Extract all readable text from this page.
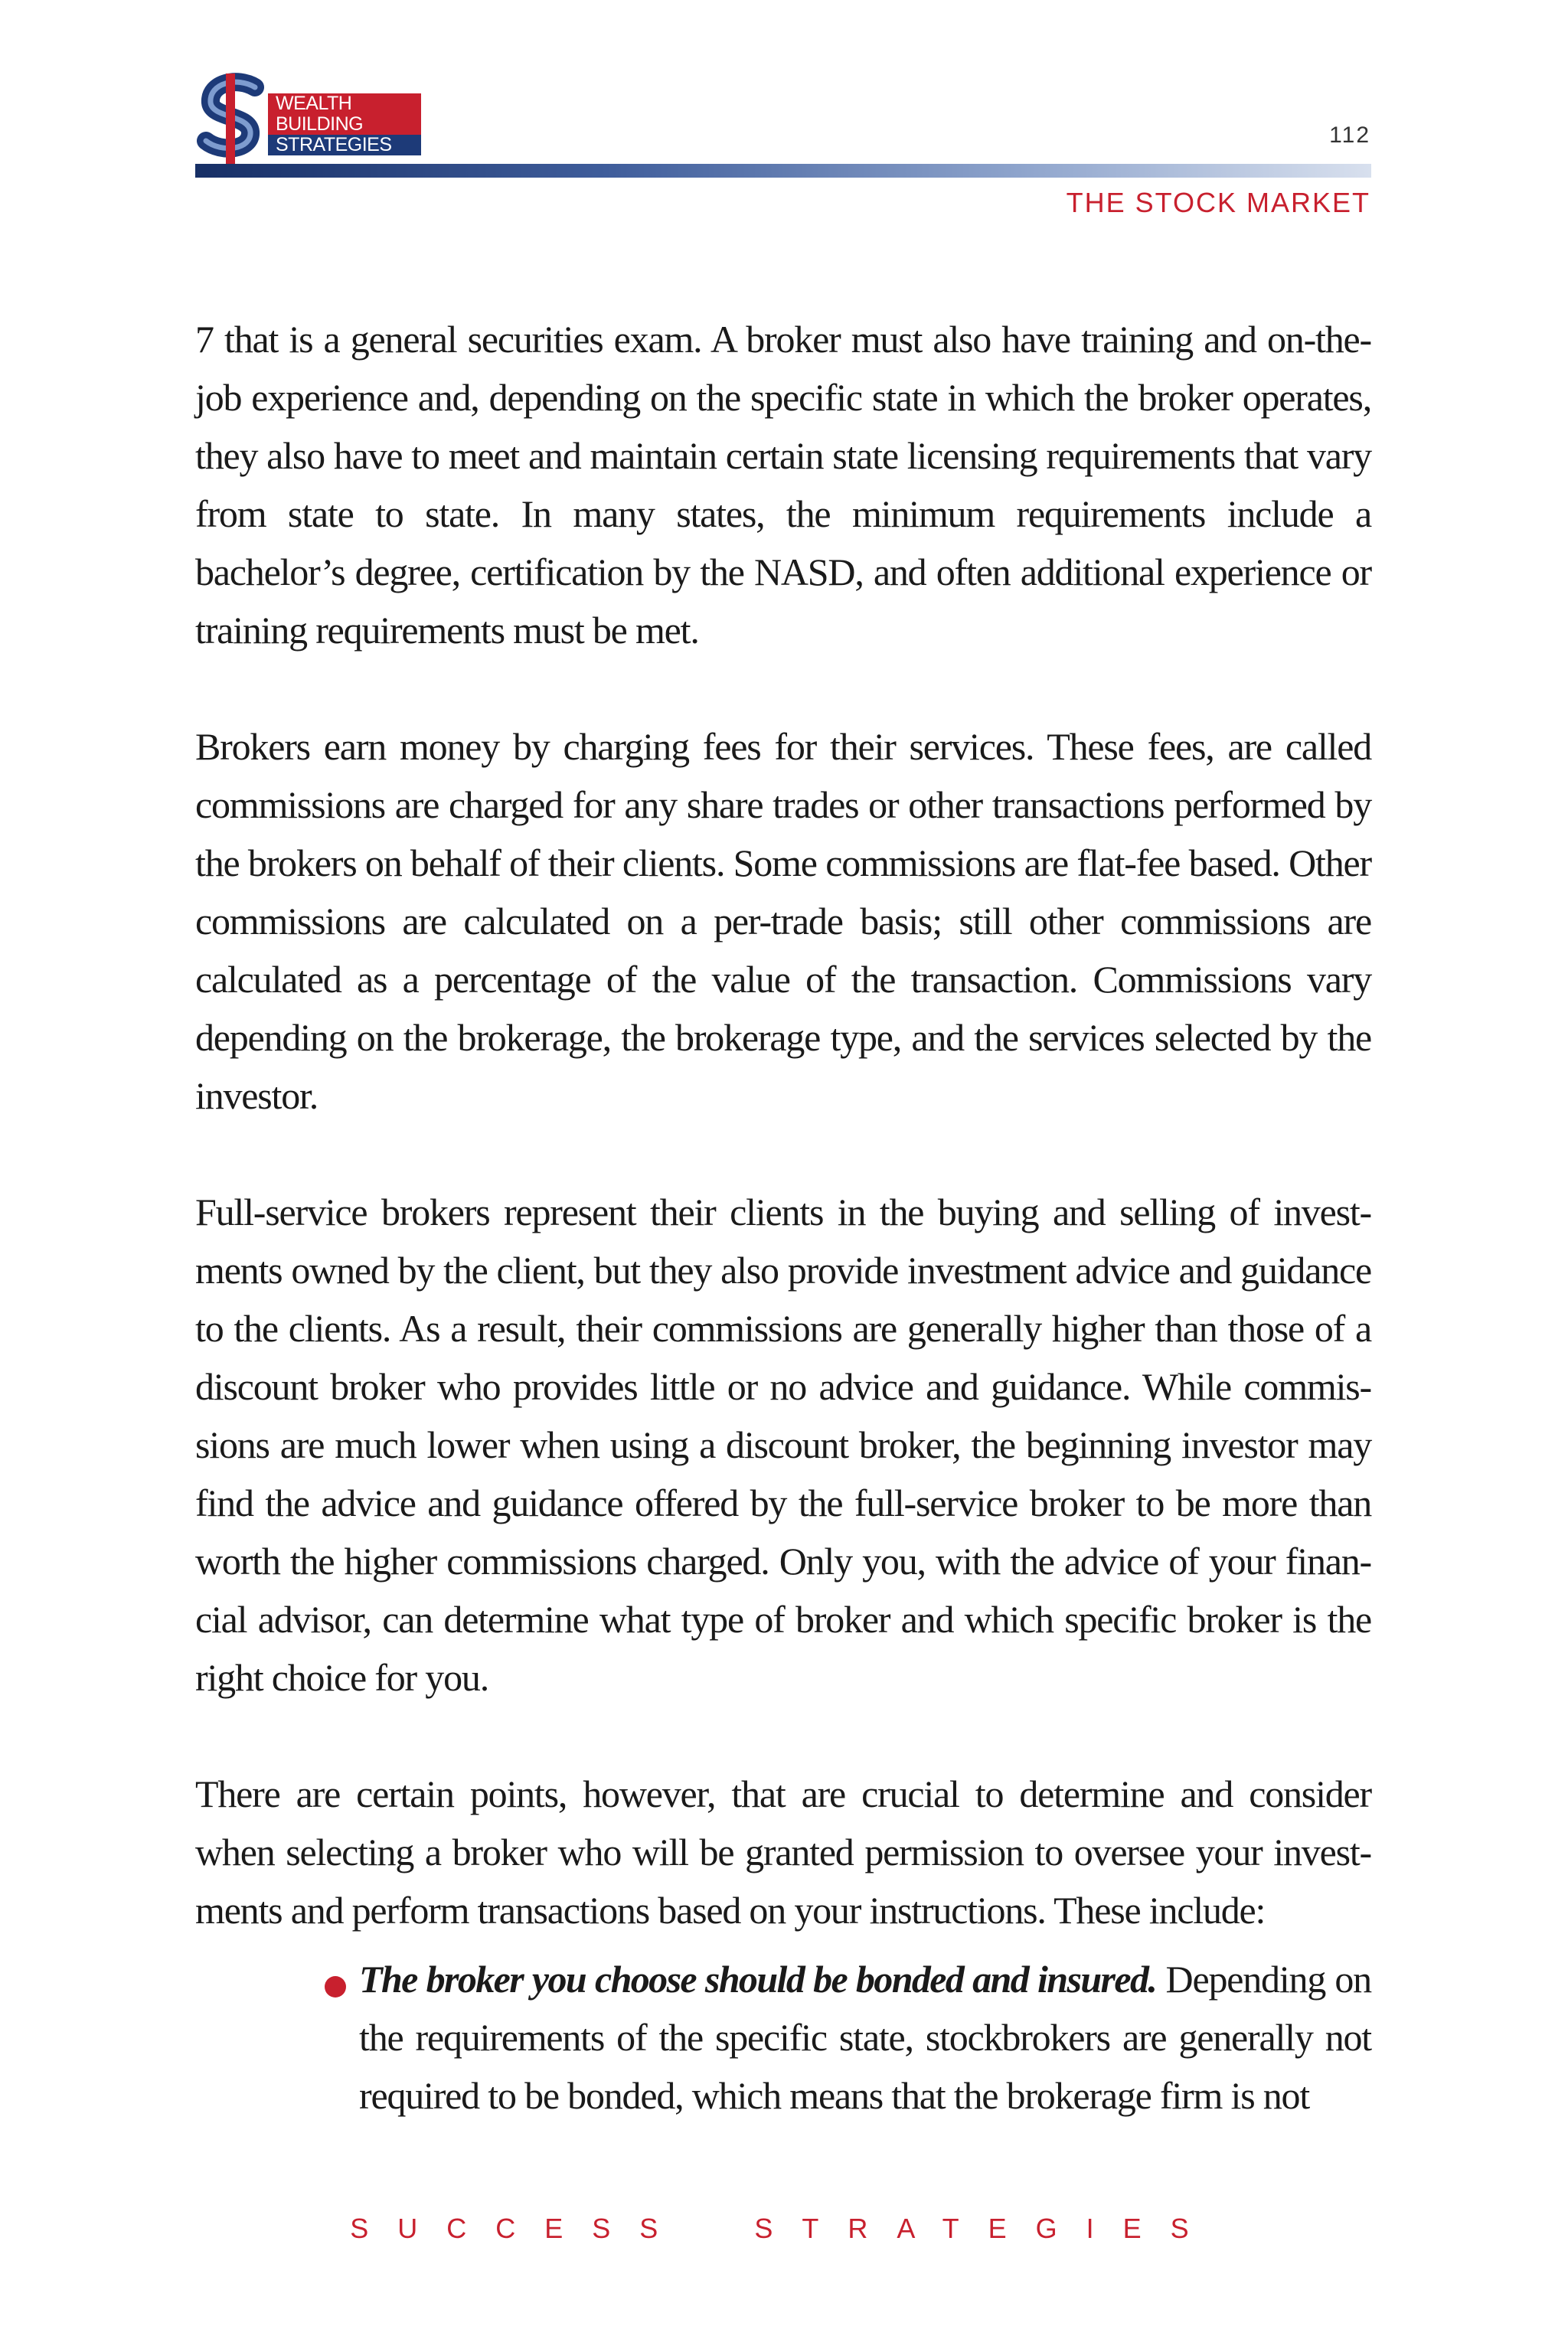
WEALTH BUILDING
STRATEGIES	112
THE STOCK MARKET

7 that is a general securities exam. A broker must also have training and on-the-job experience and, depending on the specific state in which the broker operates, they also have to meet and maintain certain state licensing requirements that vary from state to state. In many states, the minimum requirements include a bachelor’s degree, certification by the NASD, and often additional experience or training requirements must be met.

Brokers earn money by charging fees for their services. These fees, are called commissions are charged for any share trades or other transactions performed by the brokers on behalf of their clients. Some commissions are flat-fee based. Other commissions are calculated on a per-trade basis; still other commissions are calculated as a percentage of the value of the transaction. Commissions vary depending on the brokerage, the brokerage type, and the services selected by the investor.

Full-service brokers represent their clients in the buying and selling of invest-ments owned by the client, but they also provide investment advice and guidance to the clients. As a result, their commissions are generally higher than those of a discount broker who provides little or no advice and guidance. While commis-sions are much lower when using a discount broker, the beginning investor may find the advice and guidance offered by the full-service broker to be more than worth the higher commissions charged. Only you, with the advice of your finan-cial advisor, can determine what type of broker and which specific broker is the right choice for you.

There are certain points, however, that are crucial to determine and consider when selecting a broker who will be granted permission to oversee your invest-ments and perform transactions based on your instructions. These include:

The broker you choose should be bonded and insured. Depending on the requirements of the specific state, stockbrokers are generally not required to be bonded, which means that the brokerage firm is not

SUCCESS STRATEGIES
